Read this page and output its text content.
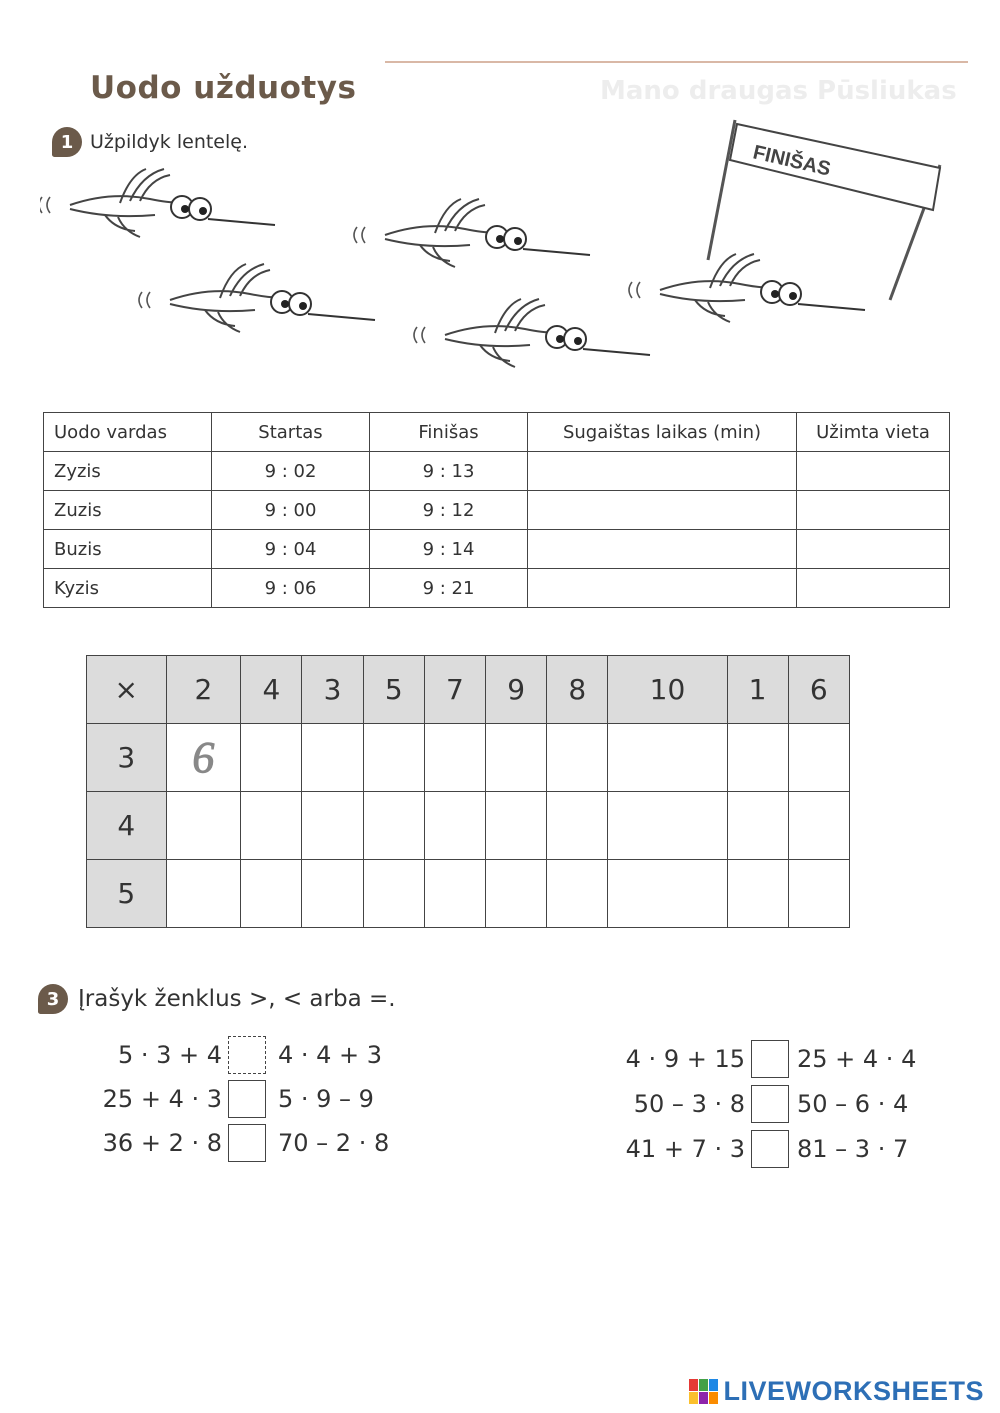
Mano draugas Pūsliukas
Uodo užduotys
1 Užpildyk lentelę.	FINIŠAS
Uodo vardas	Startas	Finišas	Sugaištas laikas (min)	Užimta vieta
Zyzis	9 : 02	9 : 13		
Zuzis	9 : 00	9 : 12		
Buzis	9 : 04	9 : 14		
Kyzis	9 : 06	9 : 21		
×	2	4	3	5	7	9	8	10	1	6
3	6									
4										
5										
3 Įrašyk ženklus >, < arba =.
5 · 3 + 4 4 · 4 + 3
25 + 4 · 3 5 · 9 – 9
36 + 2 · 8 70 – 2 · 8
4 · 9 + 15 25 + 4 · 4
50 – 3 · 8 50 – 6 · 4
41 + 7 · 3 81 – 3 · 7
LIVEWORKSHEETS
